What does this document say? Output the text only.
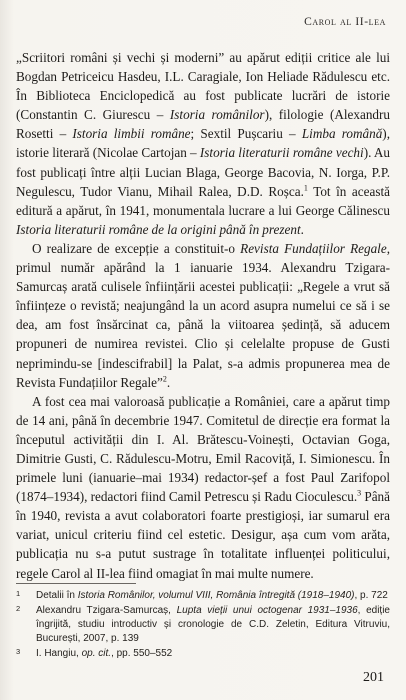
Carol al II-lea

„Scriitori români și vechi și moderni” au apărut ediții critice ale lui Bogdan Petriceicu Hasdeu, I.L. Caragiale, Ion Heliade Rădulescu etc. În Biblioteca Enciclopedică au fost publicate lucrări de istorie (Constantin C. Giurescu – Istoria românilor), filologie (Alexandru Rosetti – Istoria limbii române; Sextil Pușcariu – Limba română), istorie literară (Nicolae Cartojan – Istoria literaturii române vechi). Au fost publicați între alții Lucian Blaga, George Bacovia, N. Iorga, P.P. Negulescu, Tudor Vianu, Mihail Ralea, D.D. Roșca.$^1$ Tot în această editură a apărut, în 1941, monumentala lucrare a lui George Călinescu Istoria literaturii române de la origini până în prezent.

O realizare de excepție a constituit-o Revista Fundațiilor Regale, primul număr apărând la 1 ianuarie 1934. Alexandru Tzigara-Samurcaș arată culisele înființării acestei publicații: „Regele a vrut să înființeze o revistă; neajungând la un acord asupra numelui ce să i se dea, am fost însărcinat ca, până la viitoarea ședință, să aducem propuneri de numirea revistei. Clio și celelalte propuse de Gusti neprimindu-se [indescifrabil] la Palat, s-a admis propunerea mea de Revista Fundațiilor Regale”$^2$.

A fost cea mai valoroasă publicație a României, care a apărut timp de 14 ani, până în decembrie 1947. Comitetul de direcție era format la începutul activității din I. Al. Brătescu-Voinești, Octavian Goga, Dimitrie Gusti, C. Rădulescu-Motru, Emil Racoviță, I. Simionescu. În primele luni (ianuarie–mai 1934) redactor-șef a fost Paul Zarifopol (1874–1934), redactori fiind Camil Petrescu și Radu Cioculescu.$^3$ Până în 1940, revista a avut colaboratori foarte prestigioși, iar sumarul era variat, unicul criteriu fiind cel estetic. Desigur, așa cum vom arăta, publicația nu s-a putut sustrage în totalitate influenței politicului, regele Carol al II-lea fiind omagiat în mai multe numere.

1 Detalii în Istoria Românilor, volumul VIII, România întregită (1918–1940), p. 722
2 Alexandru Tzigara-Samurcaș, Lupta vieții unui octogenar 1931–1936, ediție îngrijită, studiu introductiv și cronologie de C.D. Zeletin, Editura Vitruviu, București, 2007, p. 139
3 I. Hangiu, op. cit., pp. 550–552
201
